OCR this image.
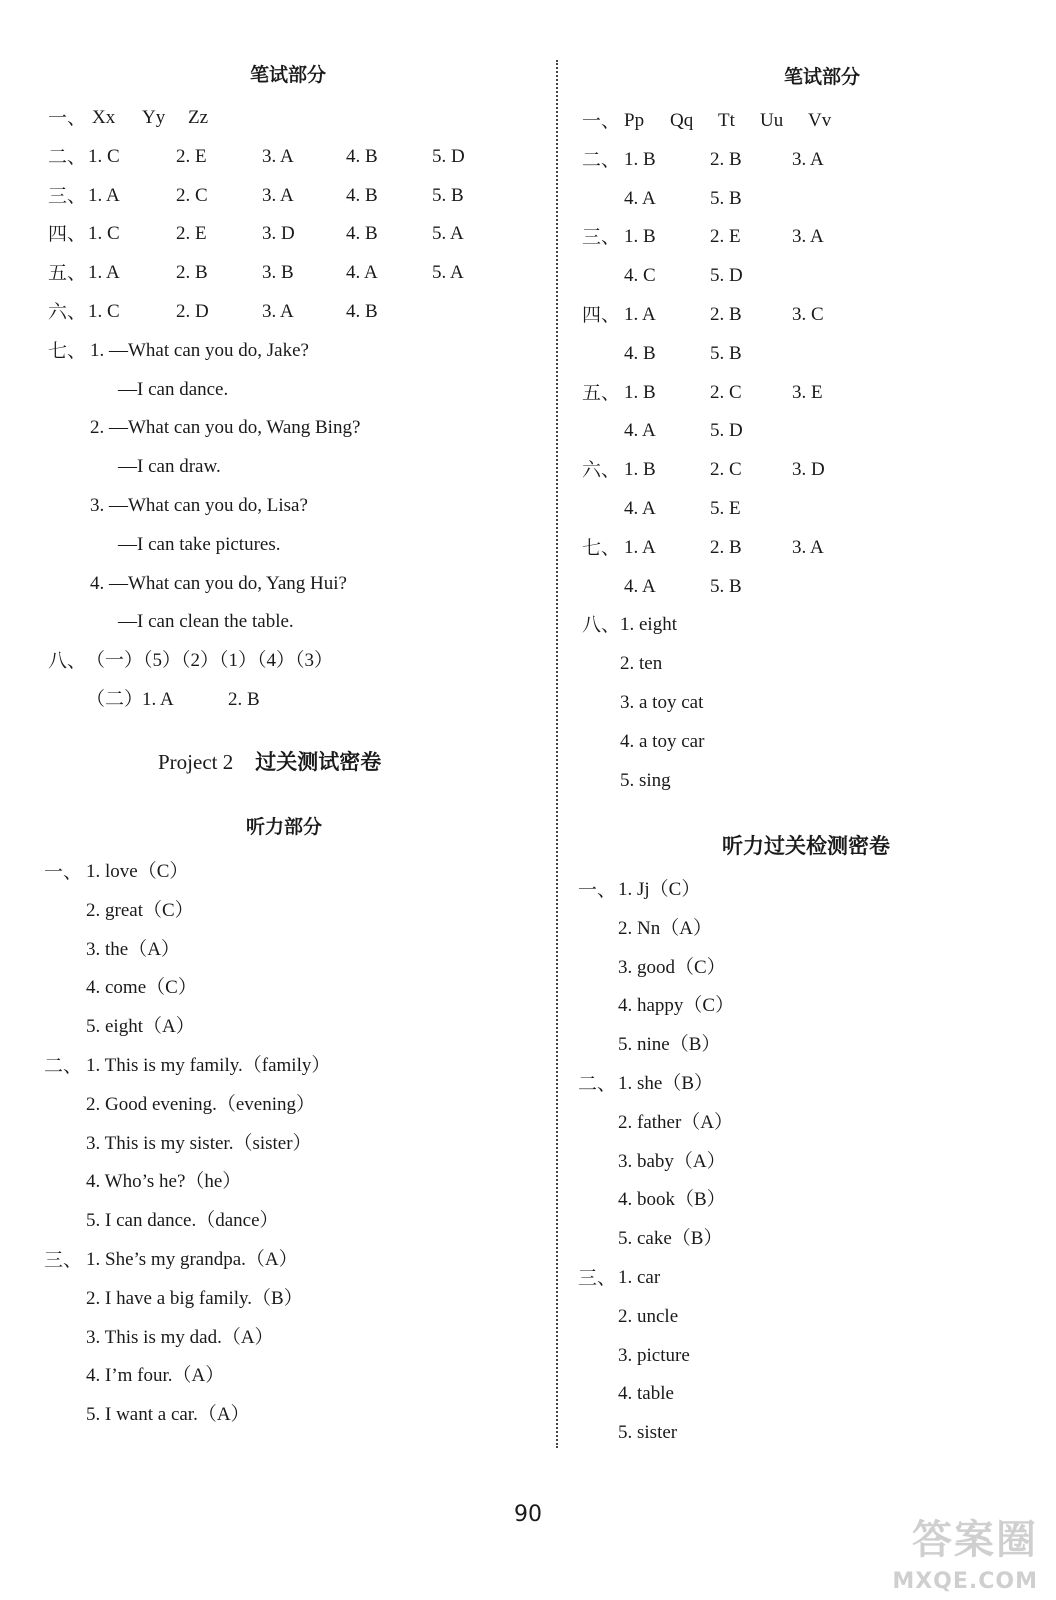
笔试部分
一、 Xx Yy Zz
二、 1. C	2. E	3. A	4. B	5. D
三、 1. A	2. C	3. A	4. B	5. B
四、 1. C	2. E	3. D	4. B	5. A
五、 1. A	2. B	3. B	4. A	5. A
六、 1. C	2. D	3. A	4. B
七、 1. —What can you do, Jake?
—I can dance.
2. —What can you do, Wang Bing?
—I can draw.
3. —What can you do, Lisa?
—I can take pictures.
4. —What can you do, Yang Hui?
—I can clean the table.
八、 （一）（5）（2）（1）（4）（3）
（二）
1. A	2. B
Project 2 过关测试密卷
听力部分
一、 1. love（C）
2. great（C）
3. the（A）
4. come（C）
5. eight（A）
二、 1. This is my family.（family）
2. Good evening.（evening）
3. This is my sister.（sister）
4. Who’s he?（he）
5. I can dance.（dance）
三、 1. She’s my grandpa.（A）
2. I have a big family.（B）
3. This is my dad.（A）
4. I’m four.（A）
5. I want a car.（A）
笔试部分
一、 Pp Qq Tt Uu Vv
二、 1. B	2. B	3. A
4. A	5. B
三、 1. B	2. E	3. A
4. C	5. D
四、 1. A	2. B	3. C
4. B	5. B
五、 1. B	2. C	3. E
4. A	5. D
六、 1. B	2. C	3. D
4. A	5. E
七、 1. A	2. B	3. A
4. A	5. B
八、 1. eight
2. ten
3. a toy cat
4. a toy car
5. sing
听力过关检测密卷
一、 1. Jj（C）
2. Nn（A）
3. good（C）
4. happy（C）
5. nine（B）
二、 1. she（B）
2. father（A）
3. baby（A）
4. book（B）
5. cake（B）
三、 1. car
2. uncle
3. picture
4. table
5. sister
90
答案圈
MXQE.COM
